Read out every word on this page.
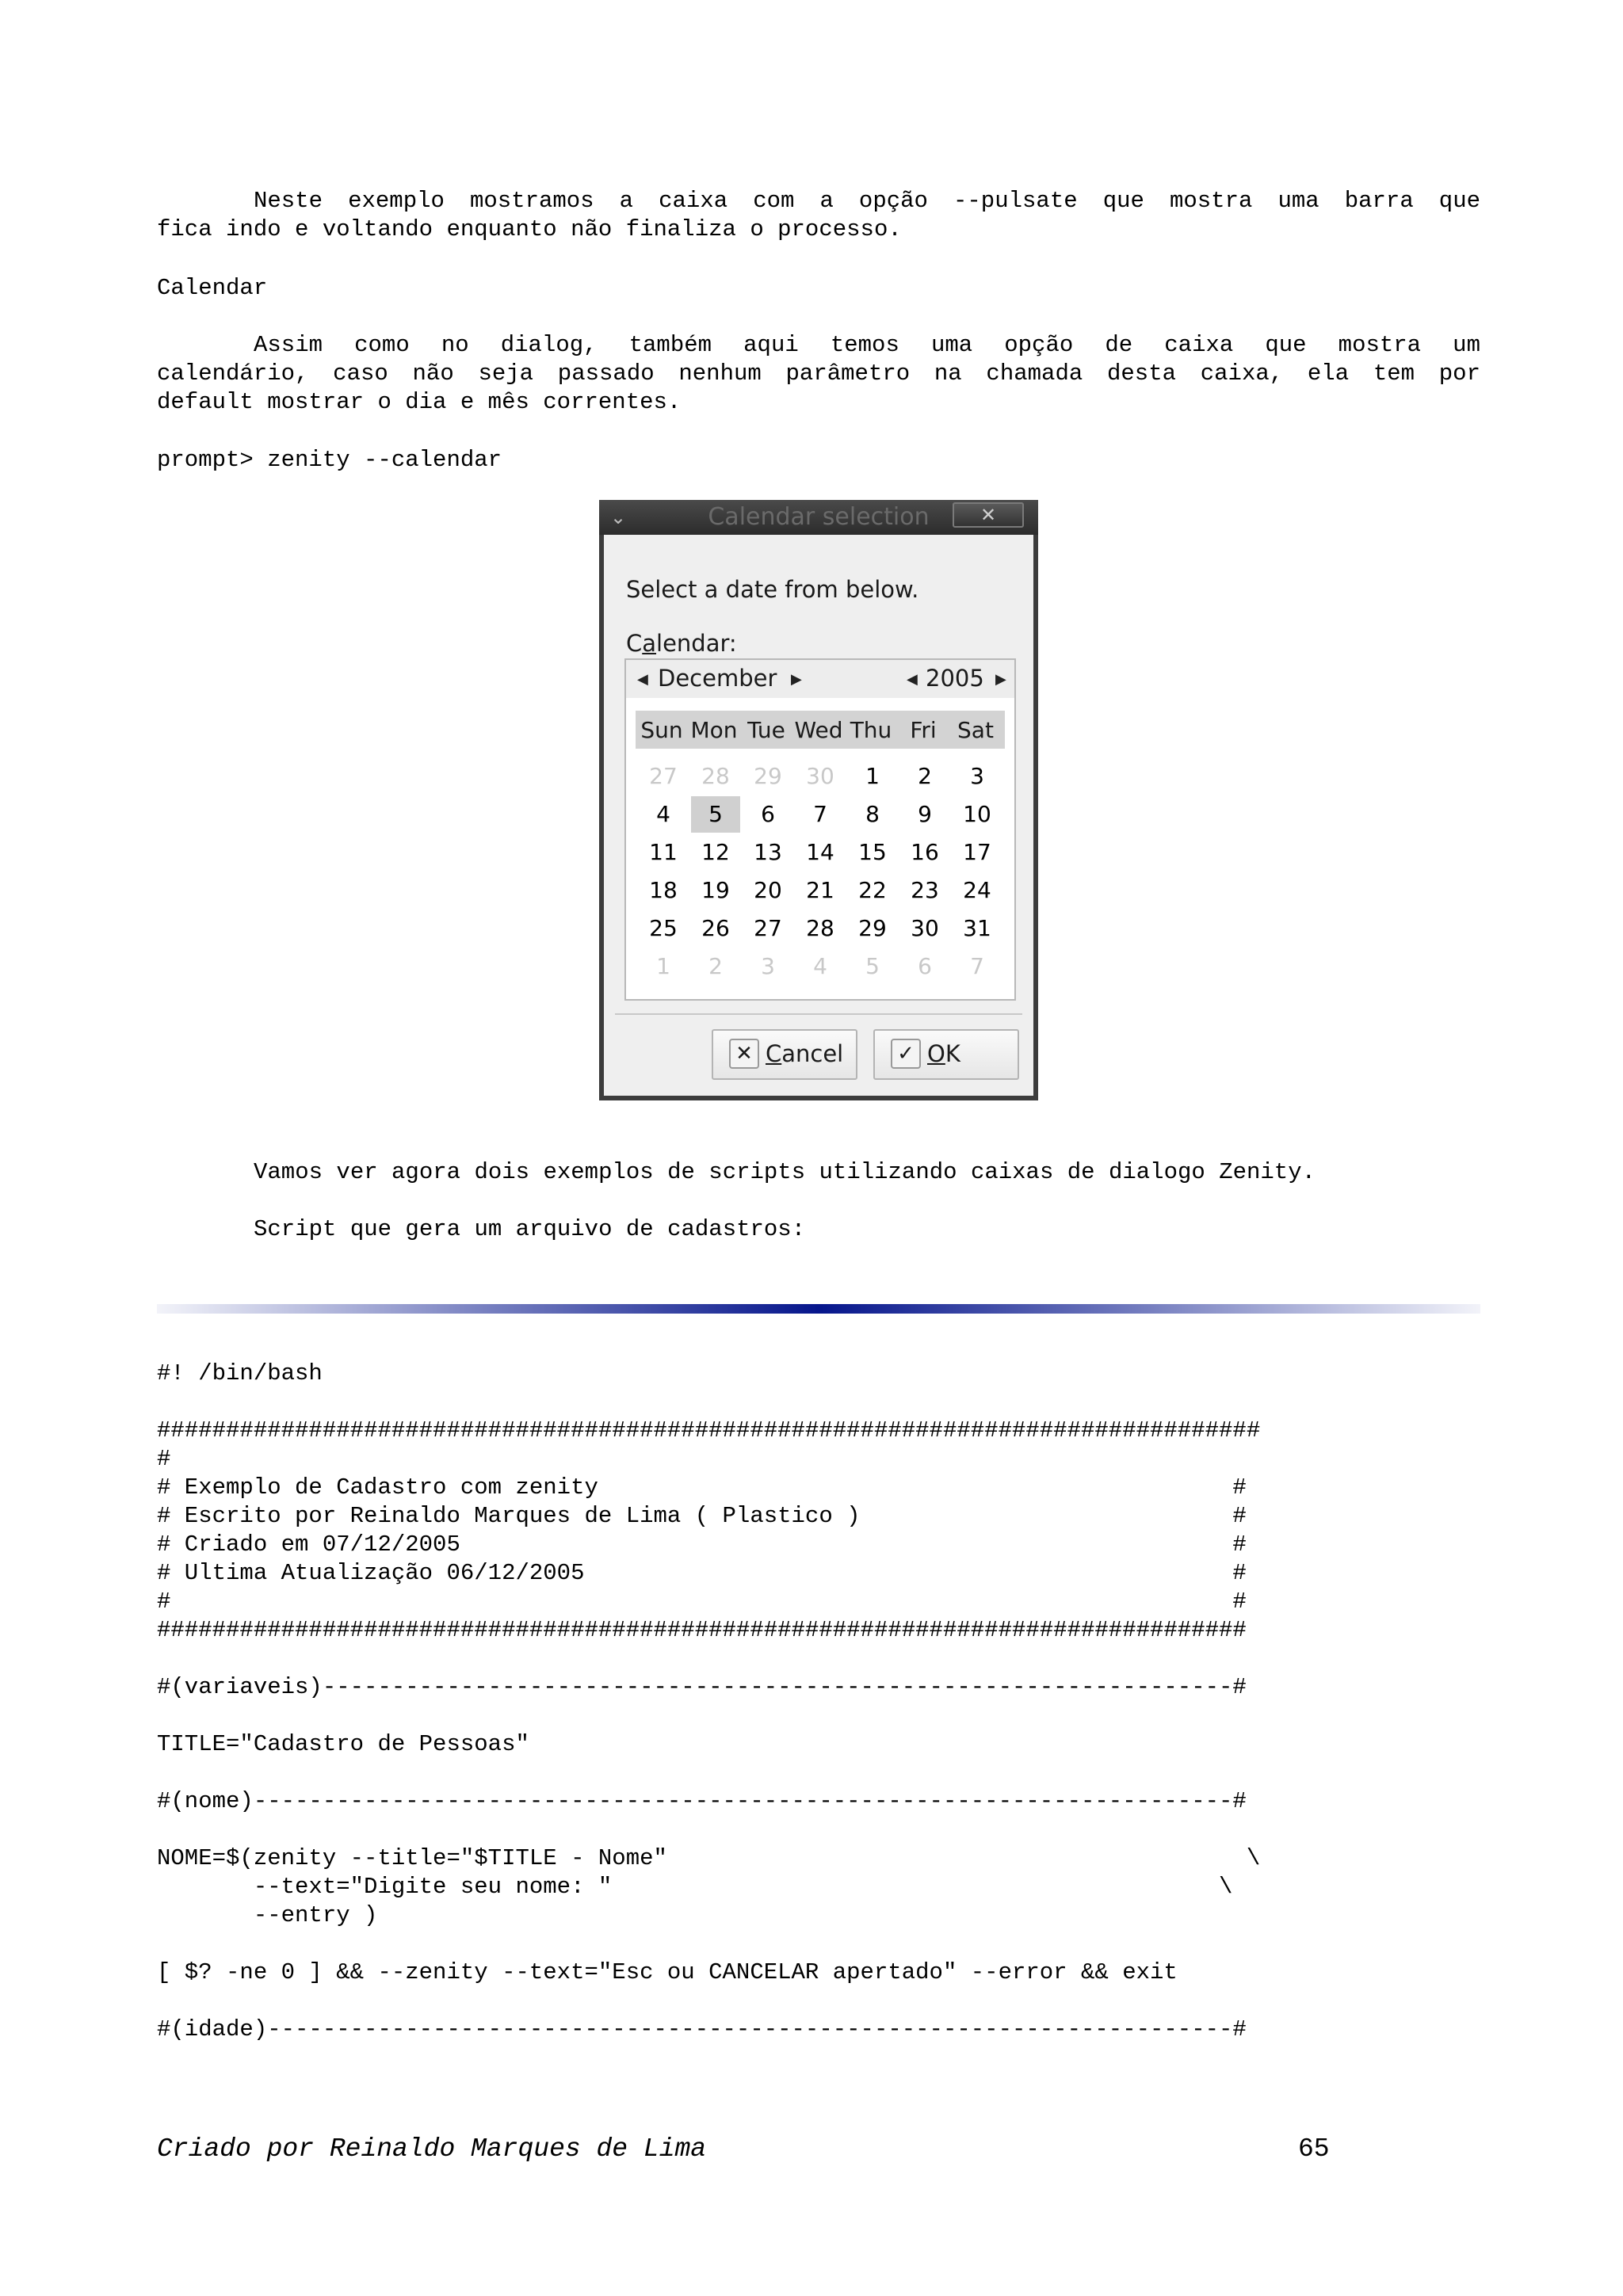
Neste exemplo mostramos a caixa com a opção --pulsate que mostra uma barra que
fica indo e voltando enquanto não finaliza o processo.
Calendar
Assim como no dialog, também aqui temos uma opção de caixa que mostra um
calendário, caso não seja passado nenhum parâmetro na chamada desta caixa, ela tem por
default mostrar o dia e mês correntes.
prompt> zenity --calendar
⌄	Calendar selection	✕
Select a date from below.
Calendar:
◀ December ▶	◀ 2005 ▶
Sun Mon Tue Wed Thu Fri Sat
27	28	29	30	1	2	3
4	5	6	7	8	9	10
11	12	13	14	15	16	17
18	19	20	21	22	23	24
25	26	27	28	29	30	31
1	2	3	4	5	6	7
✕ Cancel	✓ OK
Vamos ver agora dois exemplos de scripts utilizando caixas de dialogo Zenity.
Script que gera um arquivo de cadastros:
#! /bin/bash
################################################################################
#
# Exemplo de Cadastro com zenity                                              #
# Escrito por Reinaldo Marques de Lima ( Plastico )                           #
# Criado em 07/12/2005                                                        #
# Ultima Atualização 06/12/2005                                               #
#                                                                             #
###############################################################################
#(variaveis)------------------------------------------------------------------#
TITLE="Cadastro de Pessoas"
#(nome)-----------------------------------------------------------------------#
NOME=$(zenity --title="$TITLE - Nome"                                          \
--text="Digite seu nome: "                                            \
--entry )
[ $? -ne 0 ] && --zenity --text="Esc ou CANCELAR apertado" --error && exit
#(idade)----------------------------------------------------------------------#
Criado por Reinaldo Marques de Lima	65
